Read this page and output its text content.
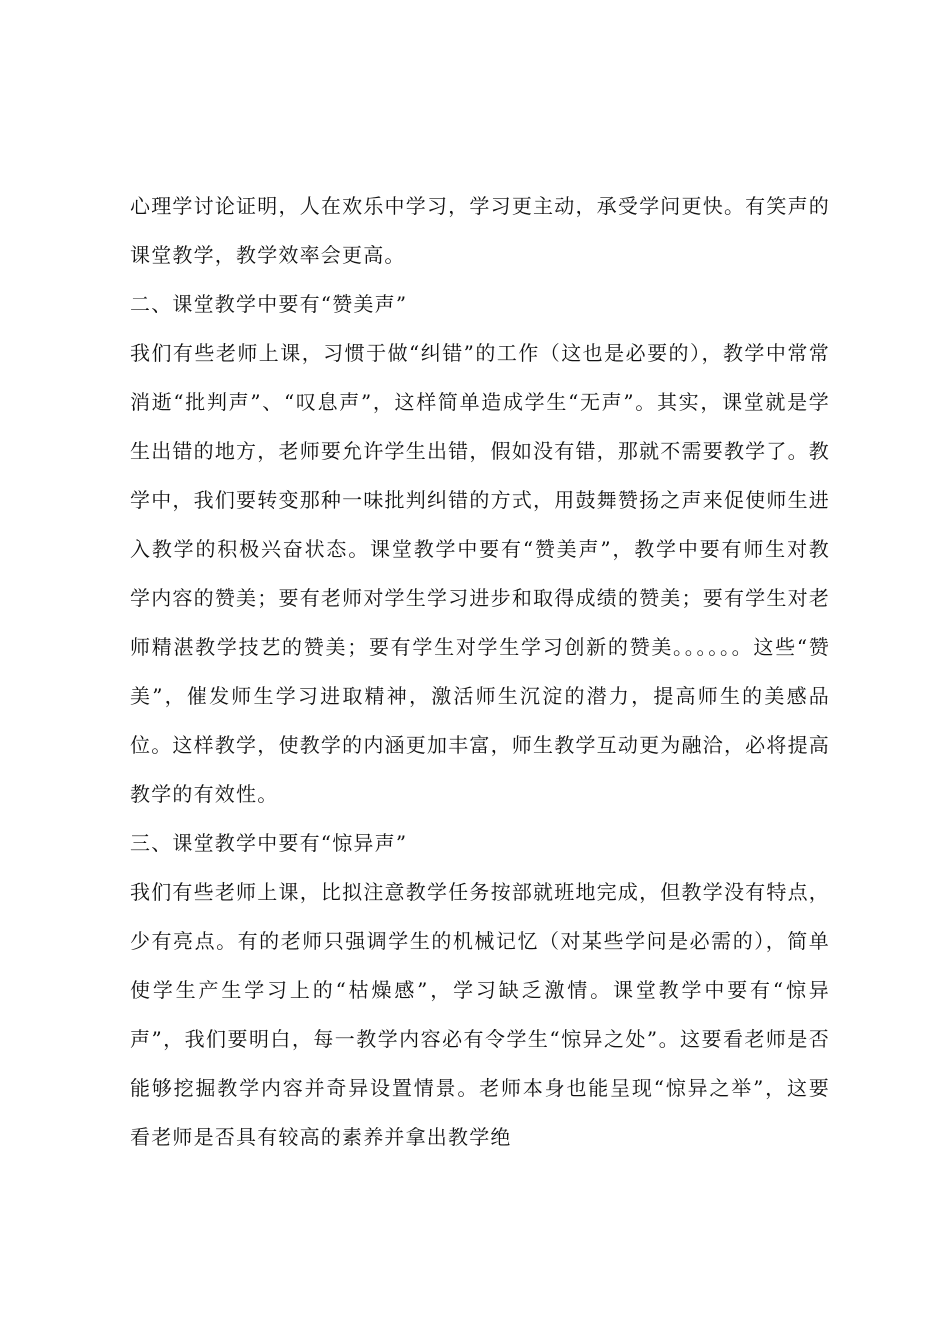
心理学讨论证明，人在欢乐中学习，学习更主动，承受学问更快。有笑声的课堂教学，教学效率会更高。

二、课堂教学中要有“赞美声”

我们有些老师上课，习惯于做“纠错”的工作（这也是必要的），教学中常常消逝“批判声”、“叹息声”，这样简单造成学生“无声”。其实，课堂就是学生出错的地方，老师要允许学生出错，假如没有错，那就不需要教学了。教学中，我们要转变那种一味批判纠错的方式，用鼓舞赞扬之声来促使师生进入教学的积极兴奋状态。课堂教学中要有“赞美声”，教学中要有师生对教学内容的赞美；要有老师对学生学习进步和取得成绩的赞美；要有学生对老师精湛教学技艺的赞美；要有学生对学生学习创新的赞美。。。。。。这些“赞美”，催发师生学习进取精神，激活师生沉淀的潜力，提高师生的美感品位。这样教学，使教学的内涵更加丰富，师生教学互动更为融洽，必将提高教学的有效性。

三、课堂教学中要有“惊异声”

我们有些老师上课，比拟注意教学任务按部就班地完成，但教学没有特点，少有亮点。有的老师只强调学生的机械记忆（对某些学问是必需的），简单使学生产生学习上的“枯燥感”，学习缺乏激情。课堂教学中要有“惊异声”，我们要明白，每一教学内容必有令学生“惊异之处”。这要看老师是否能够挖掘教学内容并奇异设置情景。老师本身也能呈现“惊异之举”，这要看老师是否具有较高的素养并拿出教学绝
